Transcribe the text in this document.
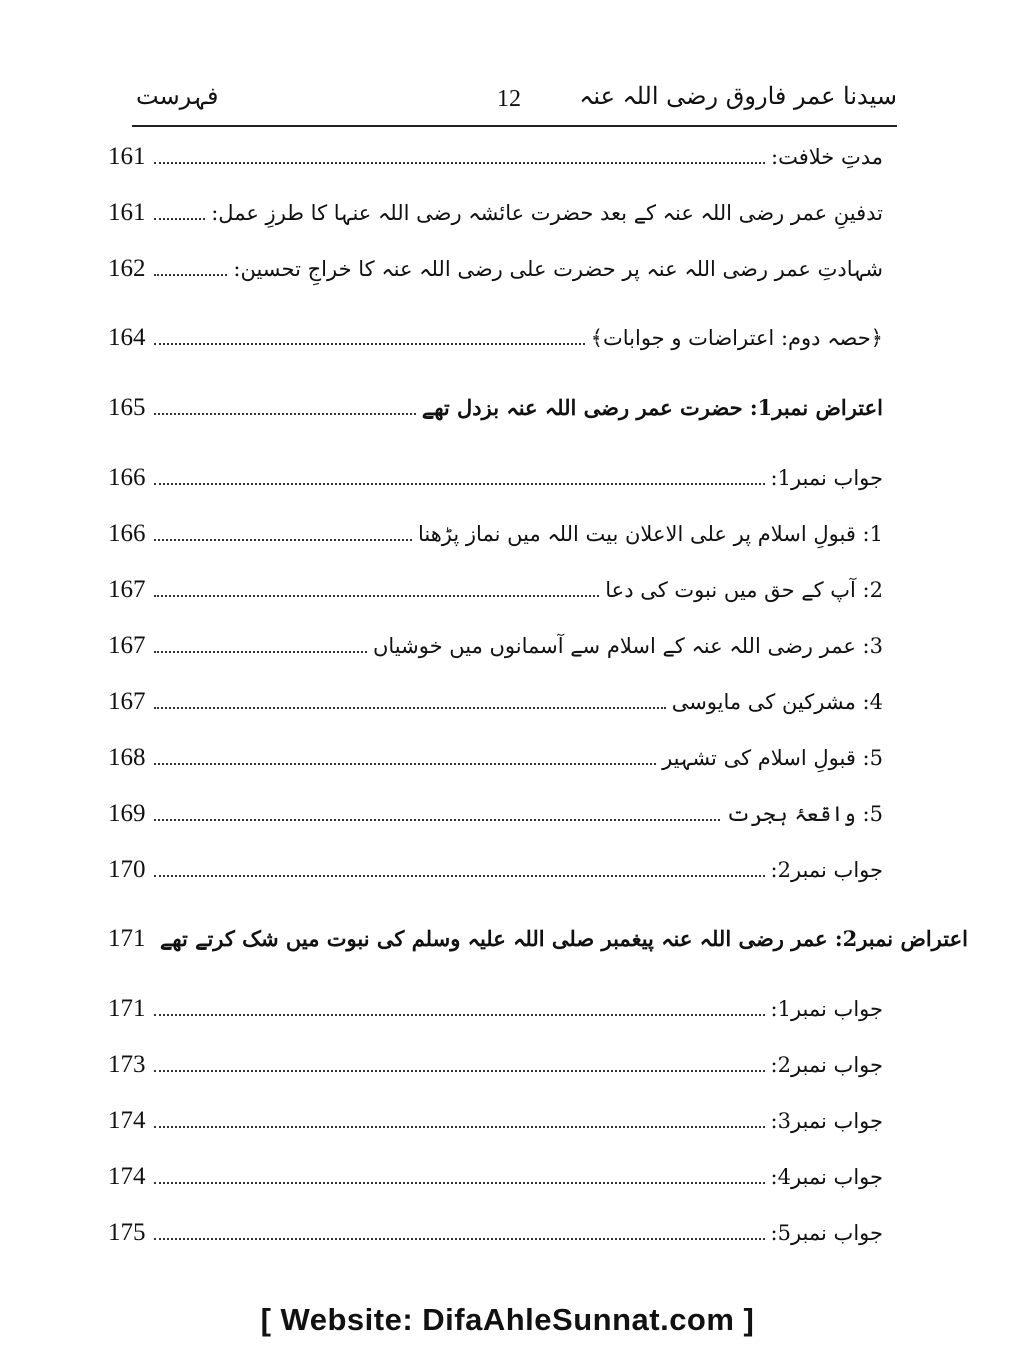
سیدنا عمر فاروق رضی اللہ عنہ
12
فہرست
161	مدتِ خلافت:
161	تدفینِ عمر رضی اللہ عنہ کے بعد حضرت عائشہ رضی اللہ عنہا کا طرزِ عمل:
162	شہادتِ عمر رضی اللہ عنہ پر حضرت علی رضی اللہ عنہ کا خراجِ تحسین:
164	﴿حصہ دوم: اعتراضات و جوابات﴾
165	اعتراض نمبر1: حضرت عمر رضی اللہ عنہ بزدل تھے
166	جواب نمبر1:
166	1: قبولِ اسلام پر علی الاعلان بیت اللہ میں نماز پڑھنا
167	2: آپ کے حق میں نبوت کی دعا
167	3: عمر رضی اللہ عنہ کے اسلام سے آسمانوں میں خوشیاں
167	4: مشرکین کی مایوسی
168	5: قبولِ اسلام کی تشہیر
169	5: واقعۂ ہجرت
170	جواب نمبر2:
171 اعتراض نمبر2: عمر رضی اللہ عنہ پیغمبر صلی اللہ علیہ وسلم کی نبوت میں شک کرتے تھے
171	جواب نمبر1:
173	جواب نمبر2:
174	جواب نمبر3:
174	جواب نمبر4:
175	جواب نمبر5:
[ Website: DifaAhleSunnat.com ]
